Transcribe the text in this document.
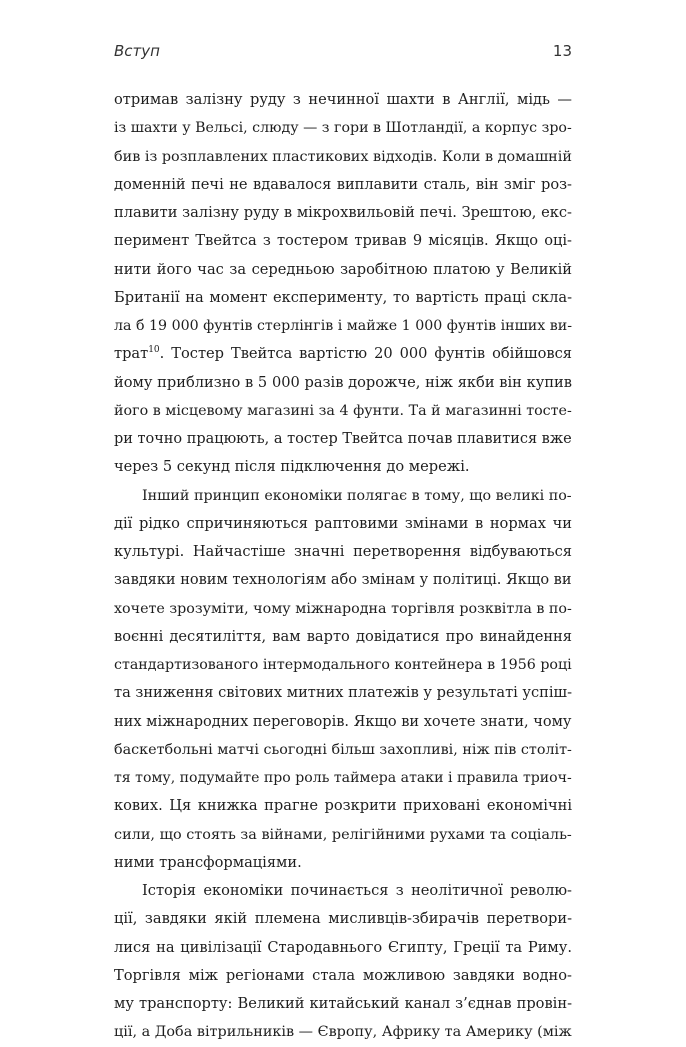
Вступ	13
отримав залізну руду з нечинної шахти в Англії, мідь —
із шахти у Вельсі, слюду — з гори в Шотландії, а корпус зро-
бив із розплавлених пластикових відходів. Коли в домашній
доменній печі не вдавалося виплавити сталь, він зміг роз-
плавити залізну руду в мікрохвильовій печі. Зрештою, екс-
перимент Твейтса з тостером тривав 9 місяців. Якщо оці-
нити його час за середньою заробітною платою у Великій
Британії на момент експерименту, то вартість праці скла-
ла б 19 000 фунтів стерлінгів і майже 1 000 фунтів інших ви-
трат$^{10}$. Тостер Твейтса вартістю 20 000 фунтів обійшовся
йому приблизно в 5 000 разів дорожче, ніж якби він купив
його в місцевому магазині за 4 фунти. Та й магазинні тосте-
ри точно працюють, а тостер Твейтса почав плавитися вже
через 5 секунд після підключення до мережі.
Інший принцип економіки полягає в тому, що великі по-
дії рідко спричиняються раптовими змінами в нормах чи
культурі. Найчастіше значні перетворення відбуваються
завдяки новим технологіям або змінам у політиці. Якщо ви
хочете зрозуміти, чому міжнародна торгівля розквітла в по-
воєнні десятиліття, вам варто довідатися про винайдення
стандартизованого інтермодального контейнера в 1956 році
та зниження світових митних платежів у результаті успіш-
них міжнародних переговорів. Якщо ви хочете знати, чому
баскетбольні матчі сьогодні більш захопливі, ніж пів століт-
тя тому, подумайте про роль таймера атаки і правила триоч-
кових. Ця книжка прагне розкрити приховані економічні
сили, що стоять за війнами, релігійними рухами та соціаль-
ними трансформаціями.
Історія економіки починається з неолітичної револю-
ції, завдяки якій племена мисливців-збирачів перетвори-
лися на цивілізації Стародавнього Єгипту, Греції та Риму.
Торгівля між регіонами стала можливою завдяки водно-
му транспорту: Великий китайський канал з’єднав провін-
ції, а Доба вітрильників — Європу, Африку та Америку (між
